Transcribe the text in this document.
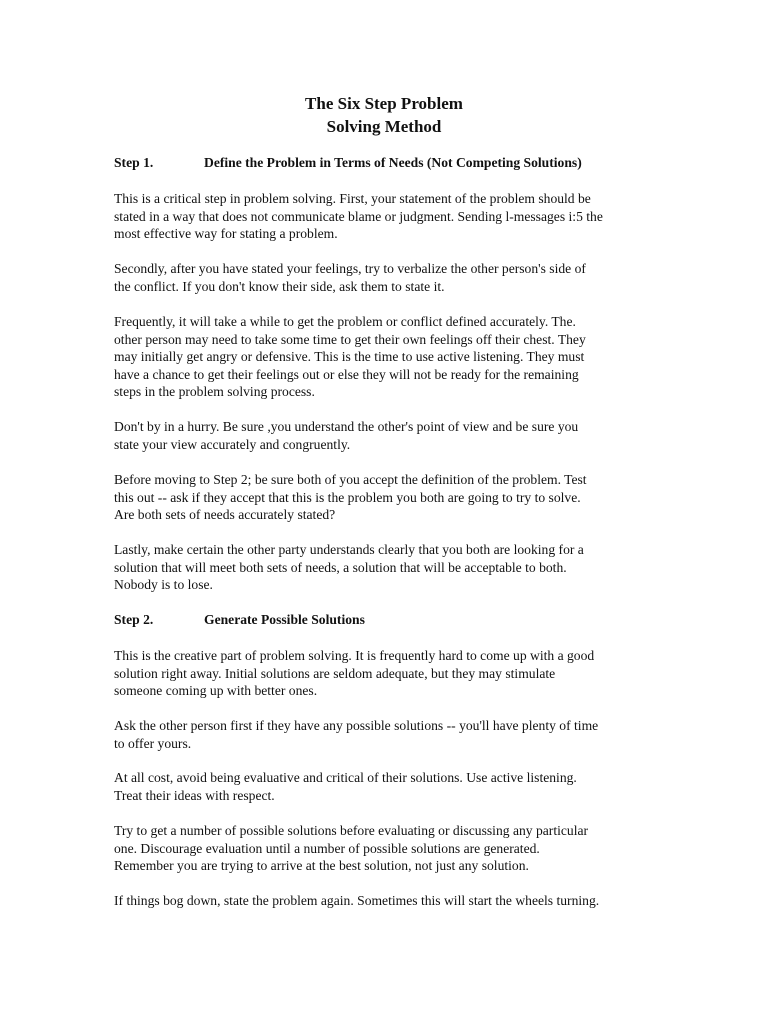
The Six Step Problem
Solving Method
Step 1.	Define the Problem in Terms of Needs (Not Competing Solutions)

This is a critical step in problem solving. First, your statement of the problem should be
stated in a way that does not communicate blame or judgment. Sending l-messages i:5 the
most effective way for stating a problem.

Secondly, after you have stated your feelings, try to verbalize the other person's side of
the conflict. If you don't know their side, ask them to state it.

Frequently, it will take a while to get the problem or conflict defined accurately. The.
other person may need to take some time to get their own feelings off their chest. They
may initially get angry or defensive. This is the time to use active listening. They must
have a chance to get their feelings out or else they will not be ready for the remaining
steps in the problem solving process.

Don't by in a hurry. Be sure ,you understand the other's point of view and be sure you
state your view accurately and congruently.

Before moving to Step 2; be sure both of you accept the definition of the problem. Test
this out -- ask if they accept that this is the problem you both are going to try to solve.
Are both sets of needs accurately stated?

Lastly, make certain the other party understands clearly that you both are looking for a
solution that will meet both sets of needs, a solution that will be acceptable to both.
Nobody is to lose.

Step 2.	Generate Possible Solutions

This is the creative part of problem solving. It is frequently hard to come up with a good
solution right away. Initial solutions are seldom adequate, but they may stimulate
someone coming up with better ones.

Ask the other person first if they have any possible solutions -- you'll have plenty of time
to offer yours.

At all cost, avoid being evaluative and critical of their solutions. Use active listening.
Treat their ideas with respect.

Try to get a number of possible solutions before evaluating or discussing any particular
one. Discourage evaluation until a number of possible solutions are generated.
Remember you are trying to arrive at the best solution, not just any solution.

If things bog down, state the problem again. Sometimes this will start the wheels turning.
